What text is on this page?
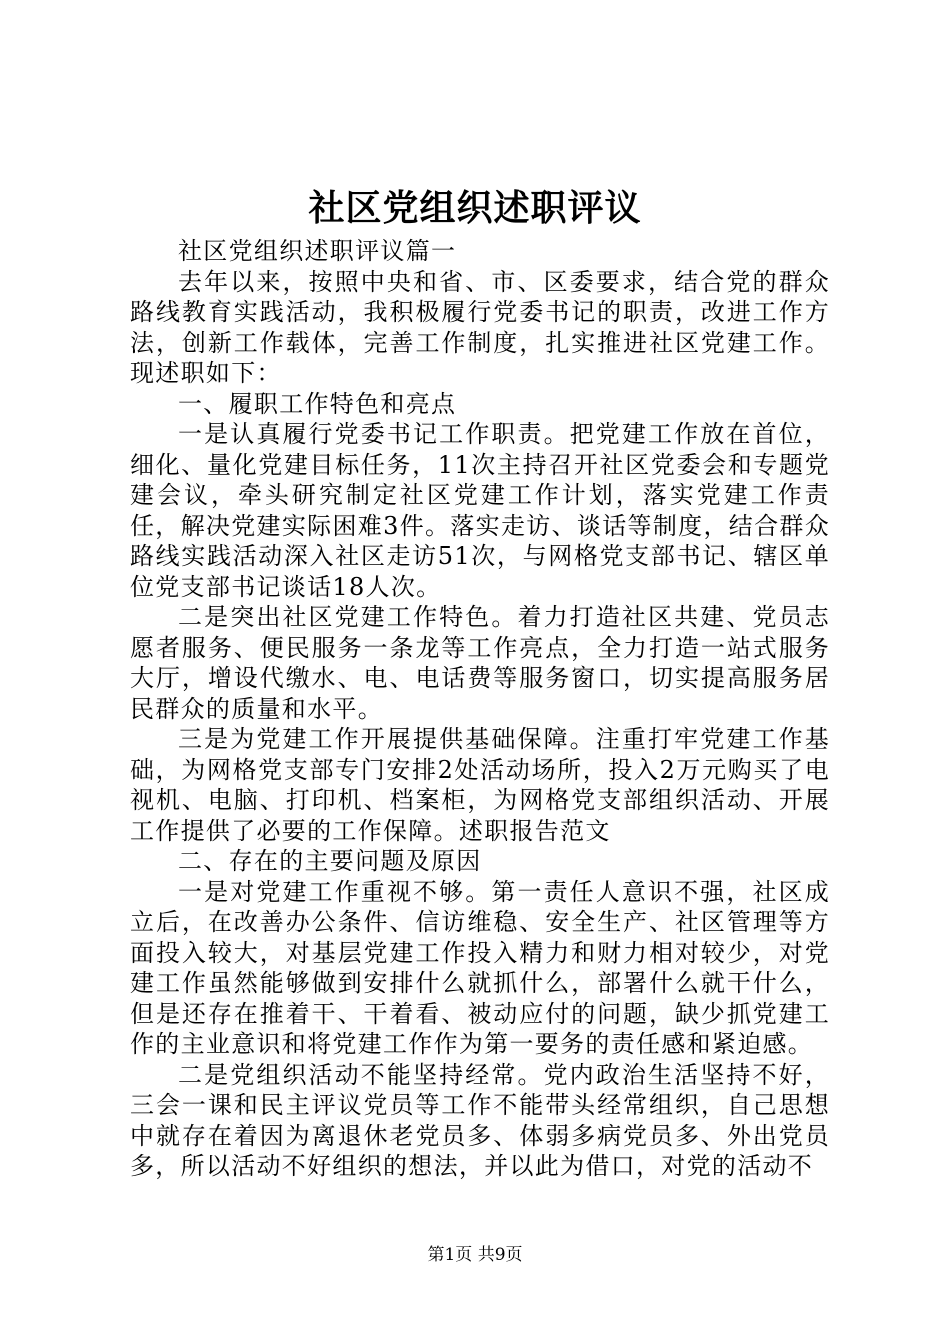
社区党组织述职评议

社区党组织述职评议篇一

去年以来，按照中央和省、市、区委要求，结合党的群众路线教育实践活动，我积极履行党委书记的职责，改进工作方法，创新工作载体，完善工作制度，扎实推进社区党建工作。现述职如下：

一、履职工作特色和亮点

一是认真履行党委书记工作职责。把党建工作放在首位，细化、量化党建目标任务，11次主持召开社区党委会和专题党建会议，牵头研究制定社区党建工作计划，落实党建工作责任，解决党建实际困难3件。落实走访、谈话等制度，结合群众路线实践活动深入社区走访51次，与网格党支部书记、辖区单位党支部书记谈话18人次。

二是突出社区党建工作特色。着力打造社区共建、党员志愿者服务、便民服务一条龙等工作亮点，全力打造一站式服务大厅，增设代缴水、电、电话费等服务窗口，切实提高服务居民群众的质量和水平。

三是为党建工作开展提供基础保障。注重打牢党建工作基础，为网格党支部专门安排2处活动场所，投入2万元购买了电视机、电脑、打印机、档案柜，为网格党支部组织活动、开展工作提供了必要的工作保障。述职报告范文

二、存在的主要问题及原因

一是对党建工作重视不够。第一责任人意识不强，社区成立后，在改善办公条件、信访维稳、安全生产、社区管理等方面投入较大，对基层党建工作投入精力和财力相对较少，对党建工作虽然能够做到安排什么就抓什么，部署什么就干什么，但是还存在推着干、干着看、被动应付的问题，缺少抓党建工作的主业意识和将党建工作作为第一要务的责任感和紧迫感。

二是党组织活动不能坚持经常。党内政治生活坚持不好，三会一课和民主评议党员等工作不能带头经常组织，自己思想中就存在着因为离退休老党员多、体弱多病党员多、外出党员多，所以活动不好组织的想法，并以此为借口，对党的活动不

第1页 共9页
